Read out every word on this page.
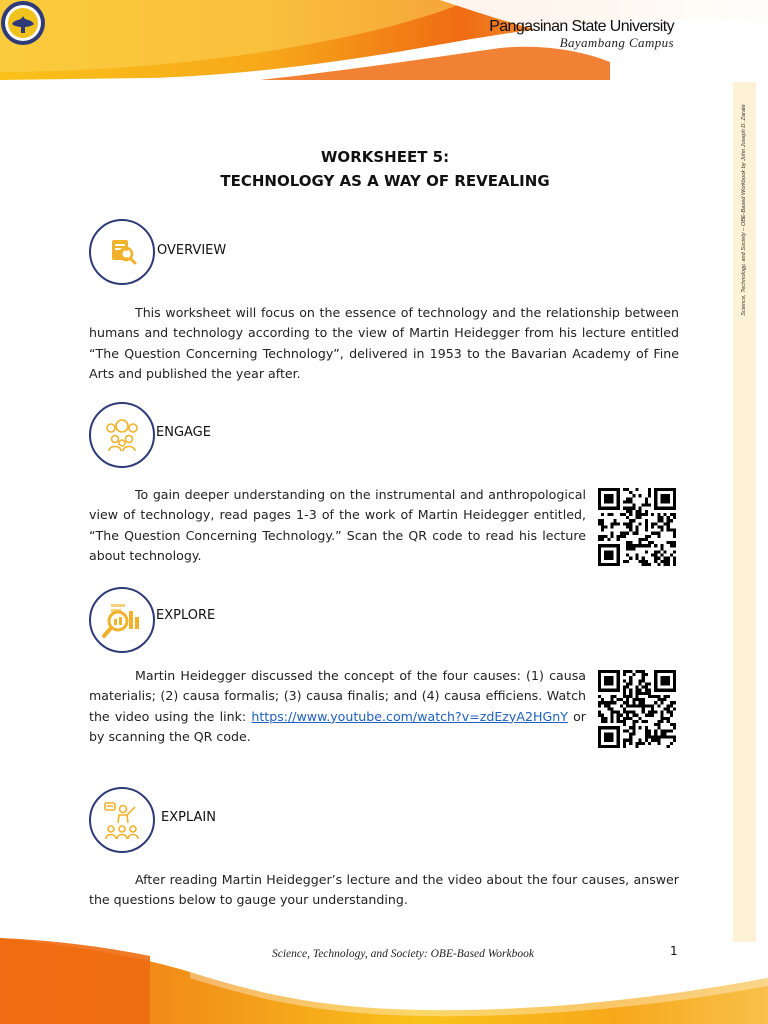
Pangasinan State University
Bayambang Campus
Science, Technology, and Society – OBE-Based Workbook by John Joseph D. Zarate
WORKSHEET 5:
TECHNOLOGY AS A WAY OF REVEALING
OVERVIEW
This worksheet will focus on the essence of technology and the relationship between humans and technology according to the view of Martin Heidegger from his lecture entitled “The Question Concerning Technology”, delivered in 1953 to the Bavarian Academy of Fine Arts and published the year after.
ENGAGE
To gain deeper understanding on the instrumental and anthropological view of technology, read pages 1-3 of the work of Martin Heidegger entitled, “The Question Concerning Technology.” Scan the QR code to read his lecture about technology.
EXPLORE
Martin Heidegger discussed the concept of the four causes: (1) causa materialis; (2) causa formalis; (3) causa finalis; and (4) causa efficiens. Watch the video using the link: https://www.youtube.com/watch?v=zdEzyA2HGnY or by scanning the QR code.
EXPLAIN
After reading Martin Heidegger’s lecture and the video about the four causes, answer the questions below to gauge your understanding.
Science, Technology, and Society: OBE-Based Workbook	1
